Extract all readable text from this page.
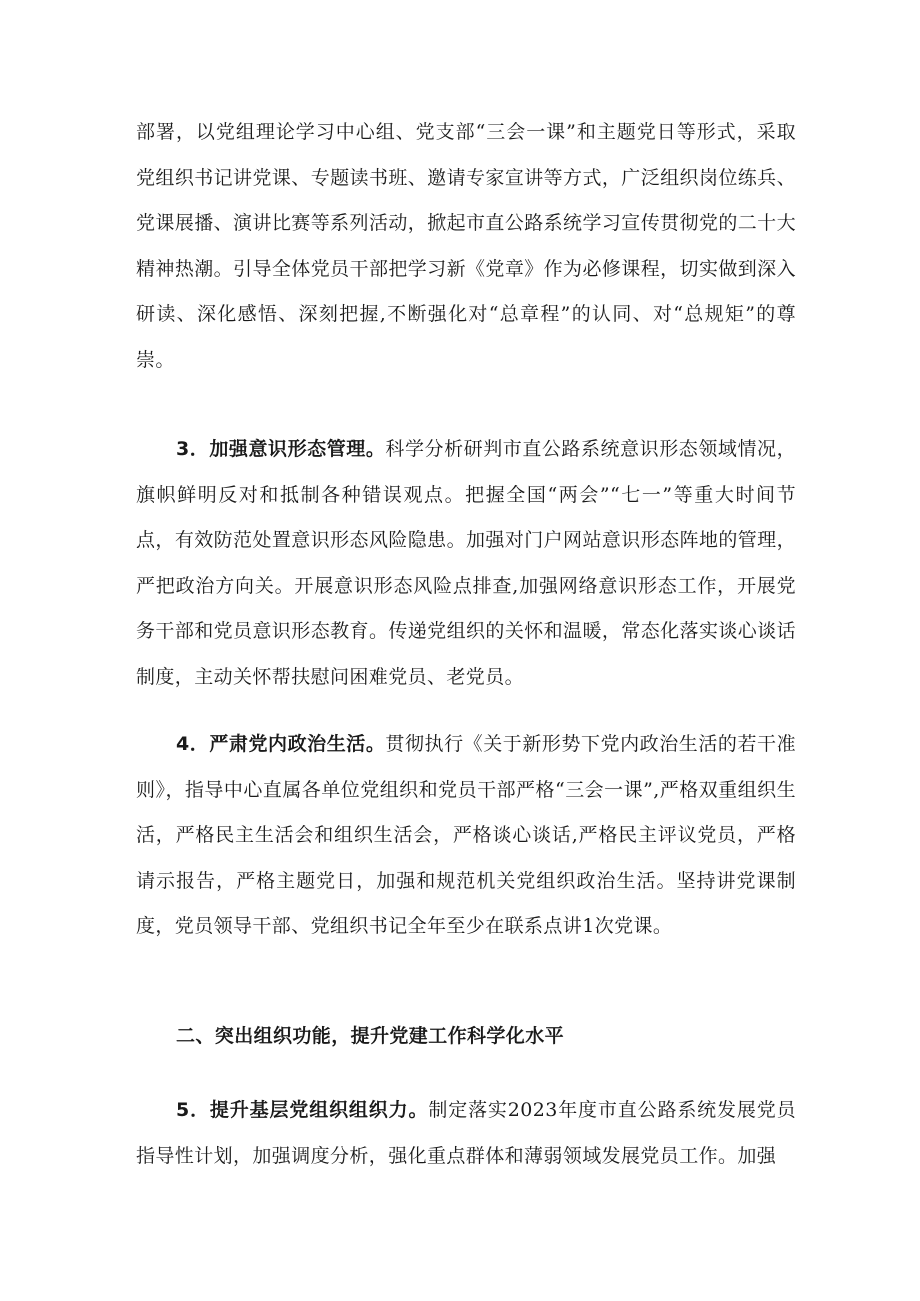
部署，以党组理论学习中心组、党支部“三会一课”和主题党日等形式，采取党组织书记讲党课、专题读书班、邀请专家宣讲等方式，广泛组织岗位练兵、党课展播、演讲比赛等系列活动，掀起市直公路系统学习宣传贯彻党的二十大精神热潮。引导全体党员干部把学习新《党章》作为必修课程，切实做到深入研读、深化感悟、深刻把握,不断强化对“总章程”的认同、对“总规矩”的尊崇。

3．加强意识形态管理。科学分析研判市直公路系统意识形态领域情况，旗帜鲜明反对和抵制各种错误观点。把握全国“两会”“七一”等重大时间节点，有效防范处置意识形态风险隐患。加强对门户网站意识形态阵地的管理，严把政治方向关。开展意识形态风险点排查,加强网络意识形态工作，开展党务干部和党员意识形态教育。传递党组织的关怀和温暖，常态化落实谈心谈话制度，主动关怀帮扶慰问困难党员、老党员。

4．严肃党内政治生活。贯彻执行《关于新形势下党内政治生活的若干准则》，指导中心直属各单位党组织和党员干部严格“三会一课”,严格双重组织生活，严格民主生活会和组织生活会，严格谈心谈话,严格民主评议党员，严格请示报告，严格主题党日，加强和规范机关党组织政治生活。坚持讲党课制度，党员领导干部、党组织书记全年至少在联系点讲1次党课。

二、突出组织功能，提升党建工作科学化水平

5．提升基层党组织组织力。制定落实2023年度市直公路系统发展党员指导性计划，加强调度分析，强化重点群体和薄弱领域发展党员工作。加强
